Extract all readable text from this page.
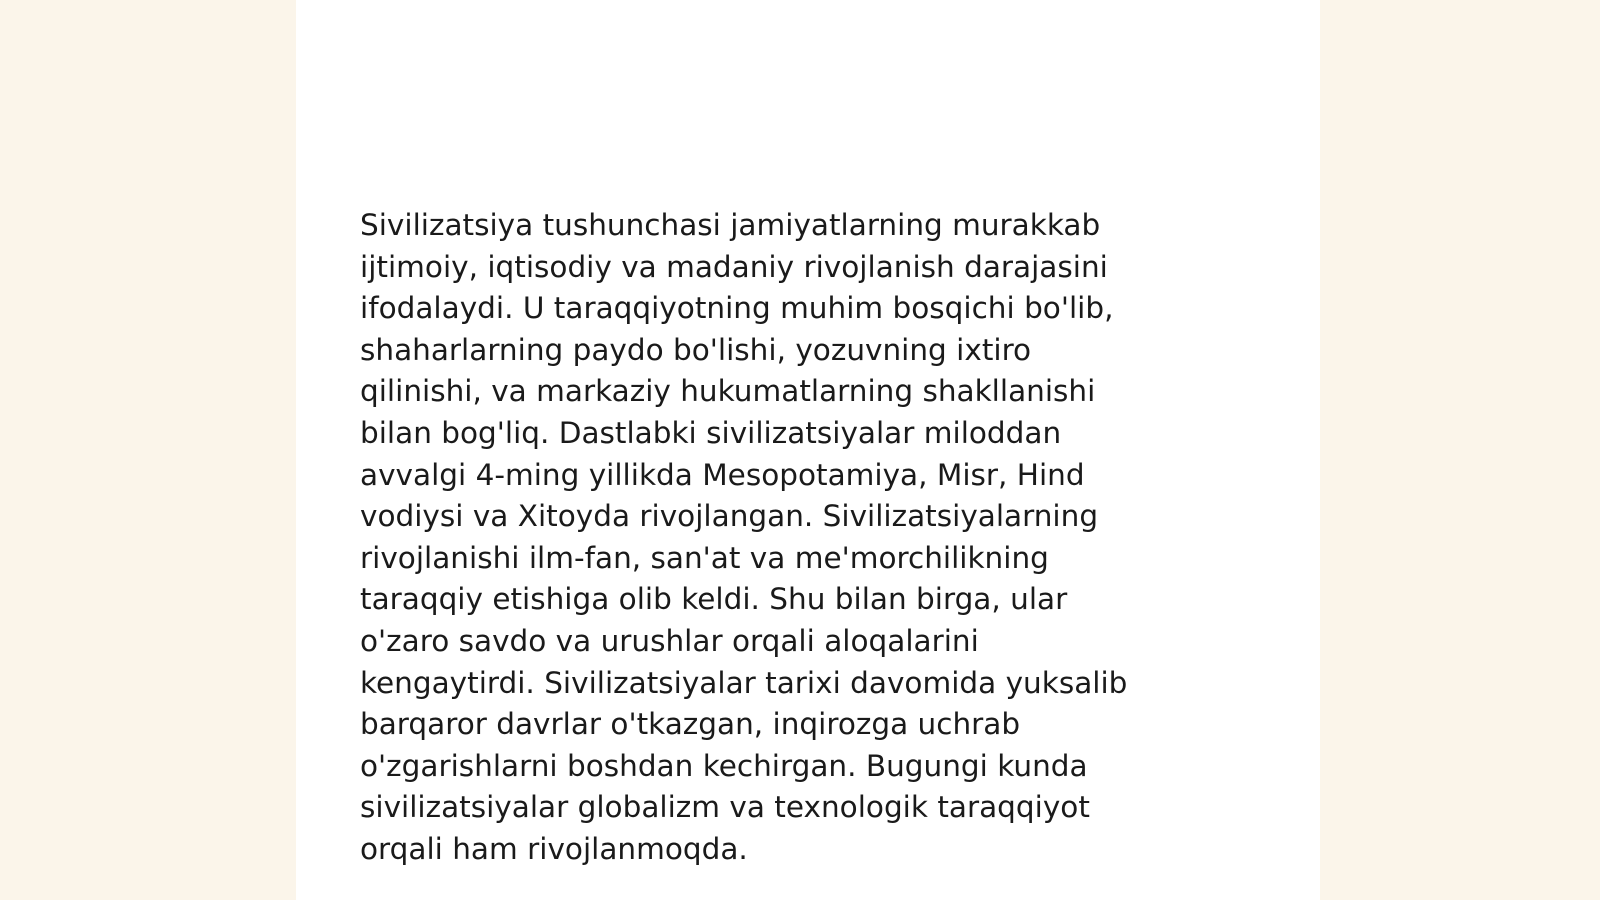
Sivilizatsiya tushunchasi jamiyatlarning murakkab
ijtimoiy, iqtisodiy va madaniy rivojlanish darajasini
ifodalaydi. U taraqqiyotning muhim bosqichi bo'lib,
shaharlarning paydo bo'lishi, yozuvning ixtiro
qilinishi, va markaziy hukumatlarning shakllanishi
bilan bog'liq. Dastlabki sivilizatsiyalar miloddan
avvalgi 4-ming yillikda Mesopotamiya, Misr, Hind
vodiysi va Xitoyda rivojlangan. Sivilizatsiyalarning
rivojlanishi ilm-fan, san'at va me'morchilikning
taraqqiy etishiga olib keldi. Shu bilan birga, ular
o'zaro savdo va urushlar orqali aloqalarini
kengaytirdi. Sivilizatsiyalar tarixi davomida yuksalib
barqaror davrlar o'tkazgan, inqirozga uchrab
o'zgarishlarni boshdan kechirgan. Bugungi kunda
sivilizatsiyalar globalizm va texnologik taraqqiyot
orqali ham rivojlanmoqda.
